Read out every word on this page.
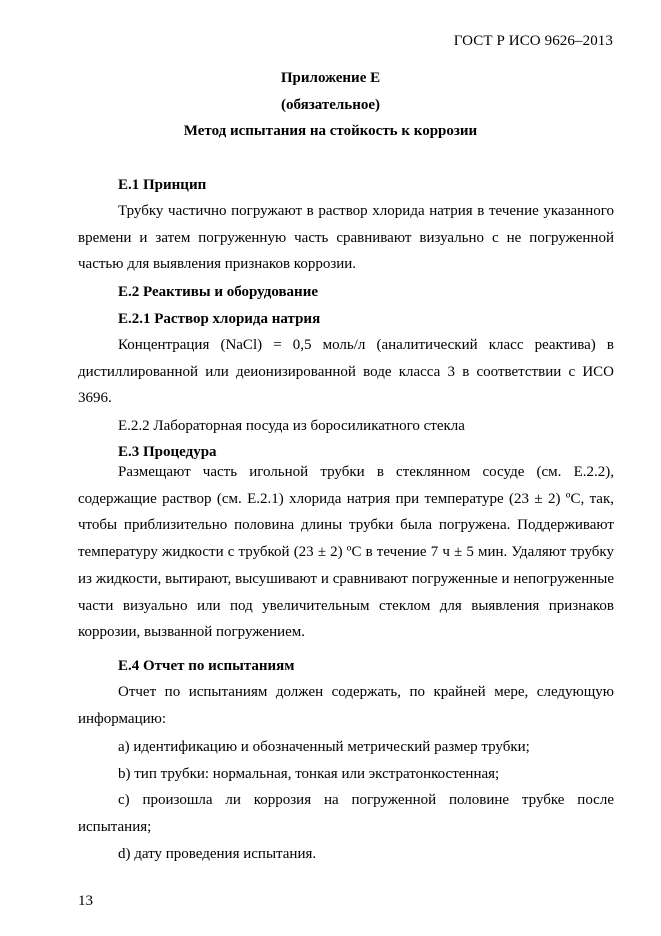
ГОСТ Р ИСО 9626–2013
Приложение Е
(обязательное)
Метод испытания на стойкость к коррозии
Е.1 Принцип

Трубку частично погружают в раствор хлорида натрия в течение указанного времени и затем погруженную часть сравнивают визуально с не погруженной частью для выявления признаков коррозии.

Е.2 Реактивы и оборудование
Е.2.1 Раствор хлорида натрия

Концентрация (NaCl) = 0,5 моль/л (аналитический класс реактива) в дистиллированной или деионизированной воде класса 3 в соответствии с ИСО 3696.

Е.2.2 Лабораторная посуда из боросиликатного стекла
Е.3 Процедура

Размещают часть игольной трубки в стеклянном сосуде (см. Е.2.2), содержащие раствор (см. Е.2.1) хлорида натрия при температуре (23 ± 2) ºС, так, чтобы приблизительно половина длины трубки была погружена. Поддерживают температуру жидкости с трубкой (23 ± 2) ºС в течение 7 ч ± 5 мин. Удаляют трубку из жидкости, вытирают, высушивают и сравнивают погруженные и непогруженные части визуально или под увеличительным стеклом для выявления признаков коррозии, вызванной погружением.

Е.4 Отчет по испытаниям

Отчет по испытаниям должен содержать, по крайней мере, следующую информацию:

a) идентификацию и обозначенный метрический размер трубки;
b) тип трубки: нормальная, тонкая или экстратонкостенная;

c) произошла ли коррозия на погруженной половине трубке после испытания;

d) дату проведения испытания.
13
